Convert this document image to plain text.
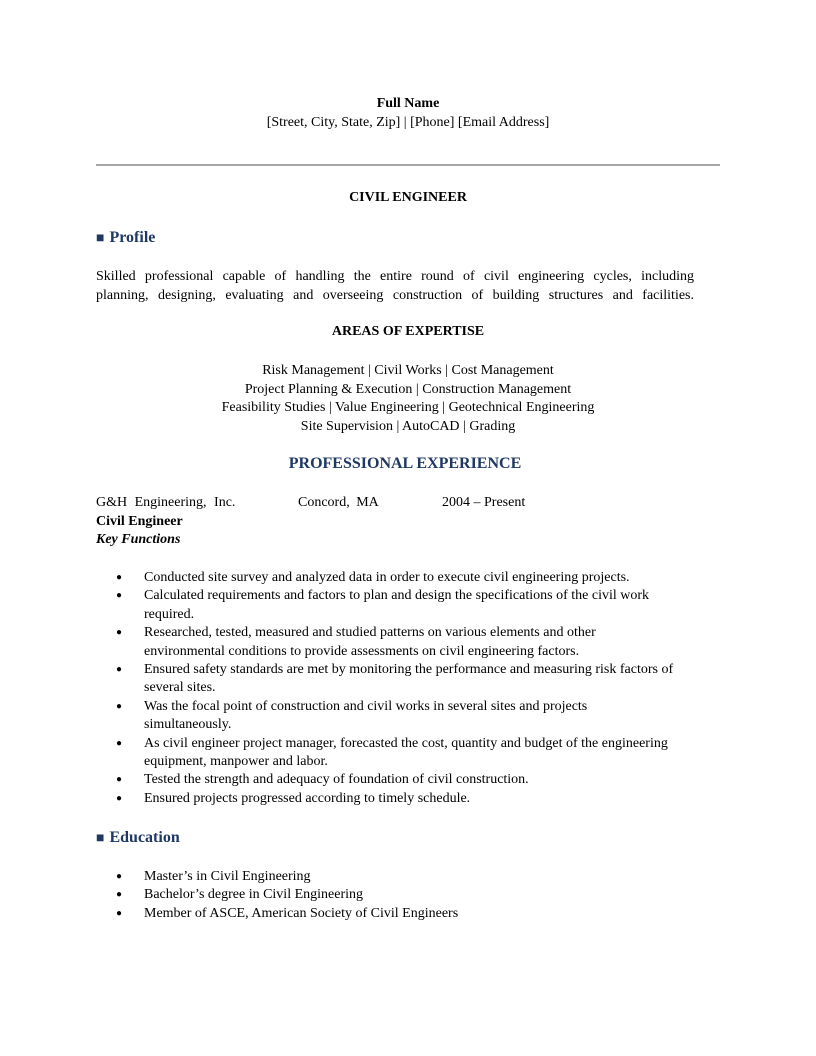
Full Name
[Street, City, State, Zip] | [Phone] [Email Address]
CIVIL ENGINEER
■ Profile
Skilled professional capable of handling the entire round of civil engineering cycles, including
planning, designing, evaluating and overseeing construction of building structures and facilities.
AREAS OF EXPERTISE
Risk Management | Civil Works | Cost Management
Project Planning & Execution | Construction Management
Feasibility Studies | Value Engineering | Geotechnical Engineering
Site Supervision | AutoCAD | Grading
PROFESSIONAL EXPERIENCE
G&H Engineering, Inc.	Concord, MA	2004 – Present
Civil Engineer
Key Functions
● Conducted site survey and analyzed data in order to execute civil engineering projects.
● Calculated requirements and factors to plan and design the specifications of the civil work required.
● Researched, tested, measured and studied patterns on various elements and other environmental conditions to provide assessments on civil engineering factors.
● Ensured safety standards are met by monitoring the performance and measuring risk factors of several sites.
● Was the focal point of construction and civil works in several sites and projects simultaneously.
● As civil engineer project manager, forecasted the cost, quantity and budget of the engineering equipment, manpower and labor.
● Tested the strength and adequacy of foundation of civil construction.
● Ensured projects progressed according to timely schedule.
■ Education
● Master’s in Civil Engineering
● Bachelor’s degree in Civil Engineering
● Member of ASCE, American Society of Civil Engineers
